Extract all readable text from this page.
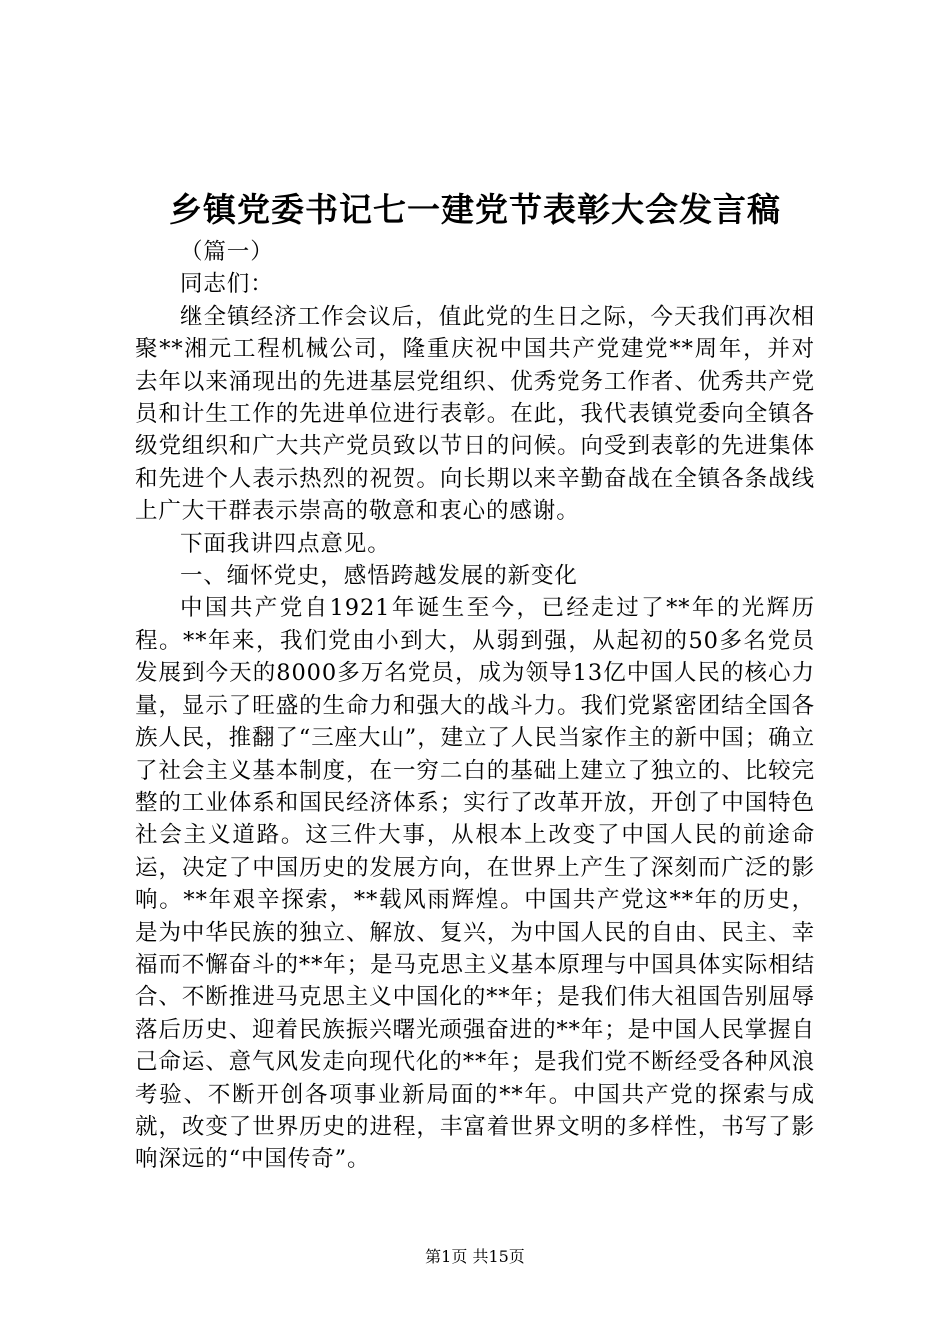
乡镇党委书记七一建党节表彰大会发言稿

（篇一）

同志们：

继全镇经济工作会议后，值此党的生日之际，今天我们再次相聚**湘元工程机械公司，隆重庆祝中国共产党建党**周年，并对去年以来涌现出的先进基层党组织、优秀党务工作者、优秀共产党员和计生工作的先进单位进行表彰。在此，我代表镇党委向全镇各级党组织和广大共产党员致以节日的问候。向受到表彰的先进集体和先进个人表示热烈的祝贺。向长期以来辛勤奋战在全镇各条战线上广大干群表示崇高的敬意和衷心的感谢。

下面我讲四点意见。

一、缅怀党史，感悟跨越发展的新变化

中国共产党自1921年诞生至今，已经走过了**年的光辉历程。**年来，我们党由小到大，从弱到强，从起初的50多名党员发展到今天的8000多万名党员，成为领导13亿中国人民的核心力量，显示了旺盛的生命力和强大的战斗力。我们党紧密团结全国各族人民，推翻了“三座大山”，建立了人民当家作主的新中国；确立了社会主义基本制度，在一穷二白的基础上建立了独立的、比较完整的工业体系和国民经济体系；实行了改革开放，开创了中国特色社会主义道路。这三件大事，从根本上改变了中国人民的前途命运，决定了中国历史的发展方向，在世界上产生了深刻而广泛的影响。**年艰辛探索，**载风雨辉煌。中国共产党这**年的历史，是为中华民族的独立、解放、复兴，为中国人民的自由、民主、幸福而不懈奋斗的**年；是马克思主义基本原理与中国具体实际相结合、不断推进马克思主义中国化的**年；是我们伟大祖国告别屈辱落后历史、迎着民族振兴曙光顽强奋进的**年；是中国人民掌握自己命运、意气风发走向现代化的**年；是我们党不断经受各种风浪考验、不断开创各项事业新局面的**年。中国共产党的探索与成就，改变了世界历史的进程，丰富着世界文明的多样性，书写了影响深远的“中国传奇”。

第1页 共15页
